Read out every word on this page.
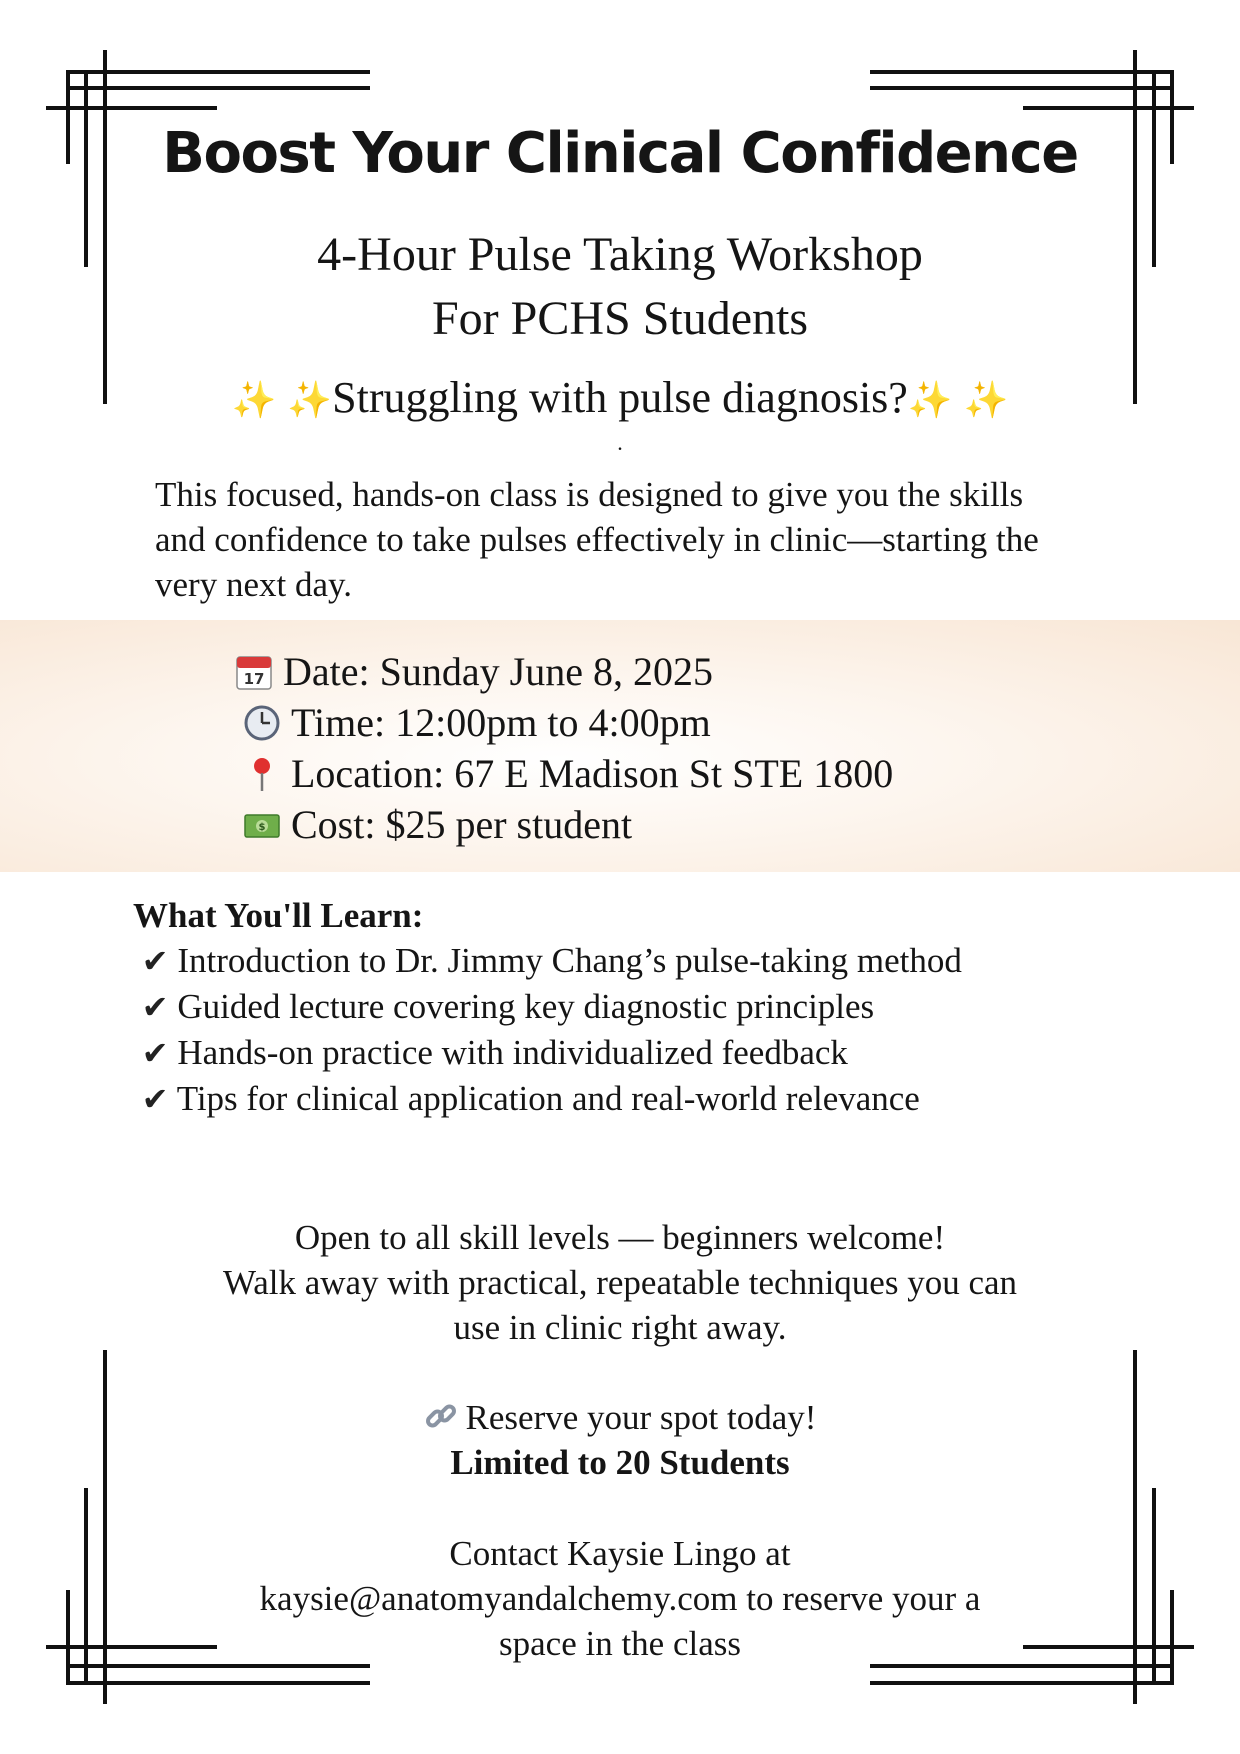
Boost Your Clinical Confidence
4-Hour Pulse Taking Workshop
For PCHS Students
✨ ✨Struggling with pulse diagnosis?✨ ✨
.
This focused, hands-on class is designed to give you the skills and confidence to take pulses effectively in clinic—starting the very next day.
17 Date: Sunday June 8, 2025
Time: 12:00pm to 4:00pm
Location: 67 E Madison St STE 1800
$ Cost: $25 per student
What You'll Learn:
✔ Introduction to Dr. Jimmy Chang’s pulse-taking method
✔ Guided lecture covering key diagnostic principles
✔ Hands-on practice with individualized feedback
✔ Tips for clinical application and real-world relevance
Open to all skill levels — beginners welcome!
Walk away with practical, repeatable techniques you can
use in clinic right away.
Reserve your spot today!
Limited to 20 Students
Contact Kaysie Lingo at
kaysie@anatomyandalchemy.com to reserve your a
space in the class
